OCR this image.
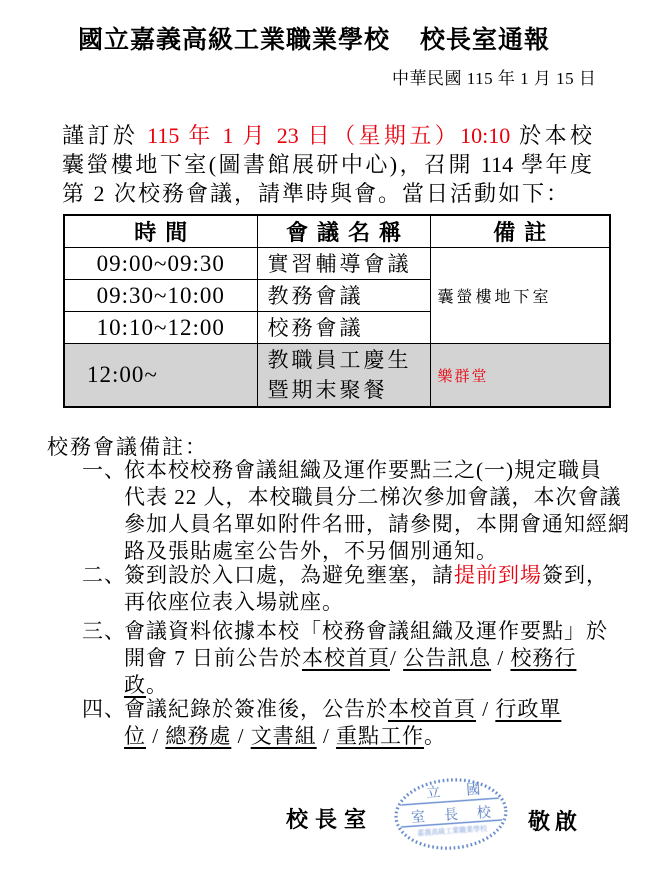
國立嘉義高級工業職業學校 校長室通報
中華民國 115 年 1 月 15 日
謹訂於 115 年 1 月 23 日（星期五）10:10 於本校
囊螢樓地下室(圖書館展研中心)，召開 114 學年度
第 2 次校務會議，請準時與會。當日活動如下：
時間	會議名稱	備註
09:00~09:30	實習輔導會議	囊螢樓地下室
09:30~10:00	教務會議	
10:10~12:00	校務會議	
12:00~	教職員工慶生暨期末聚餐	樂群堂
校務會議備註：
一、
依本校校務會議組織及運作要點三之(一)規定職員
代表 22 人，本校職員分二梯次參加會議，本次會議
參加人員名單如附件名冊，請參閱，本開會通知經網
路及張貼處室公告外，不另個別通知。
二、
簽到設於入口處，為避免壅塞，請提前到場簽到，
再依座位表入場就座。
三、
會議資料依據本校「校務會議組織及運作要點」於
開會 7 日前公告於本校首頁/ 公告訊息 / 校務行
政。
四、
會議紀錄於簽准後，公告於本校首頁 / 行政單
位 / 總務處 / 文書組 / 重點工作。
校長室
立國
室長校
嘉義高級工業職業學校 敬啟
